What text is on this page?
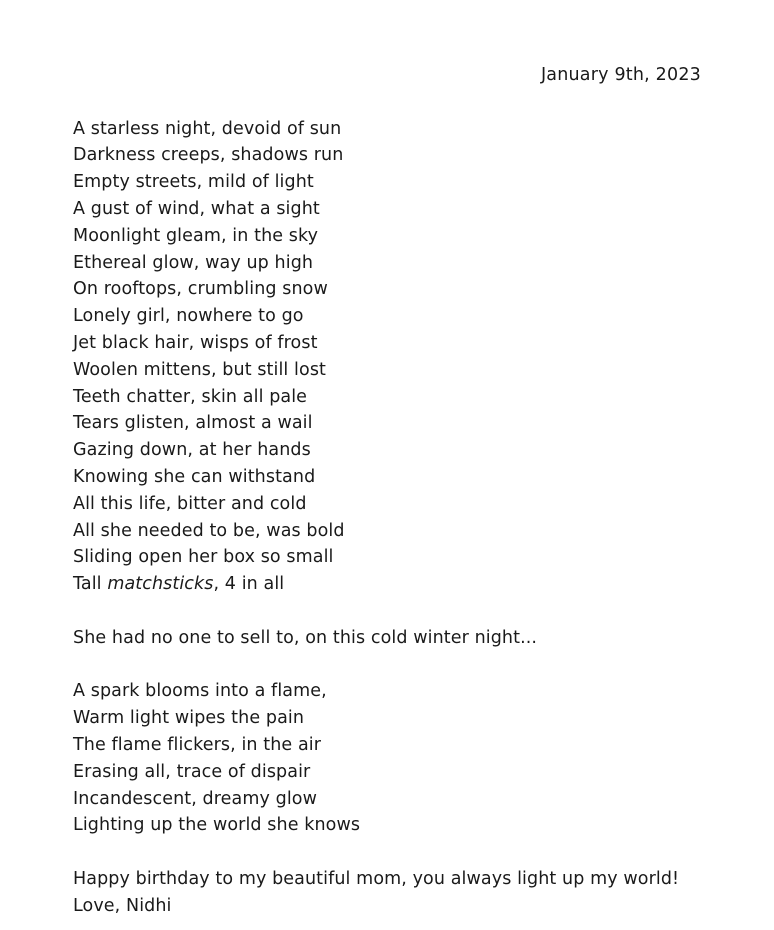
January 9th, 2023
A starless night, devoid of sun
Darkness creeps, shadows run
Empty streets, mild of light
A gust of wind, what a sight
Moonlight gleam, in the sky
Ethereal glow, way up high
On rooftops, crumbling snow
Lonely girl, nowhere to go
Jet black hair, wisps of frost
Woolen mittens, but still lost
Teeth chatter, skin all pale
Tears glisten, almost a wail
Gazing down, at her hands
Knowing she can withstand
All this life, bitter and cold
All she needed to be, was bold
Sliding open her box so small
Tall matchsticks, 4 in all
She had no one to sell to, on this cold winter night...
A spark blooms into a flame,
Warm light wipes the pain
The flame flickers, in the air
Erasing all, trace of dispair
Incandescent, dreamy glow
Lighting up the world she knows
Happy birthday to my beautiful mom, you always light up my world!
Love, Nidhi
